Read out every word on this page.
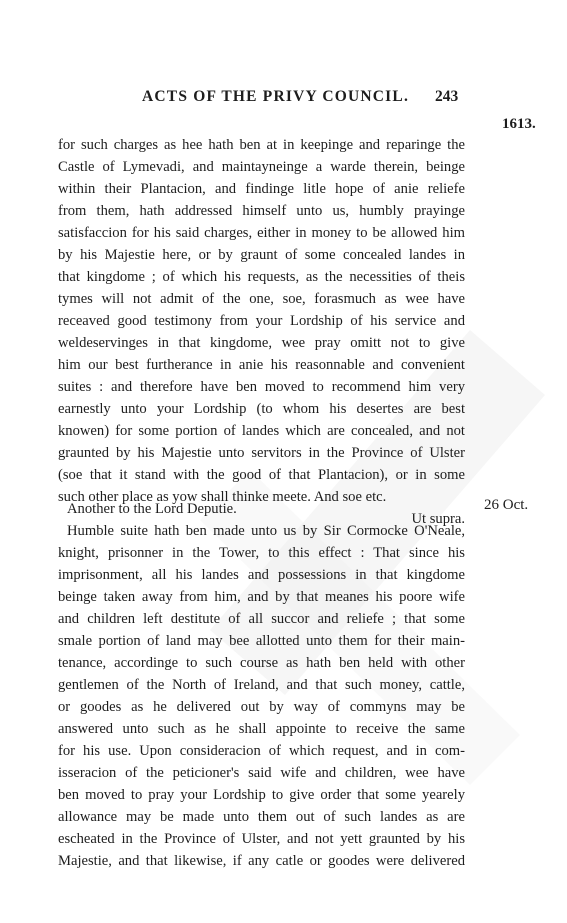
ACTS OF THE PRIVY COUNCIL. 243
1613.
for such charges as hee hath ben at in keepinge and reparinge the
Castle of Lymevadi, and maintayneinge a warde therein, beinge
within their Plantacion, and findinge litle hope of anie reliefe
from them, hath addressed himself unto us, humbly prayinge
satisfaccion for his said charges, either in money to be allowed him
by his Majestie here, or by graunt of some concealed landes in
that kingdome ; of which his requests, as the necessities of theis
tymes will not admit of the one, soe, forasmuch as wee have
receaved good testimony from your Lordship of his service and
weldeservinges in that kingdome, wee pray omitt not to give
him our best furtherance in anie his reasonnable and convenient
suites : and therefore have ben moved to recommend him very
earnestly unto your Lordship (to whom his desertes are best
knowen) for some portion of landes which are concealed, and not
graunted by his Majestie unto servitors in the Province of Ulster
(soe that it stand with the good of that Plantacion), or in some
such other place as yow shall thinke meete. And soe etc.
Ut supra.
26 Oct.
Another to the Lord Deputie.
Humble suite hath ben made unto us by Sir Cormocke O'Neale,
knight, prisonner in the Tower, to this effect : That since his
imprisonment, all his landes and possessions in that kingdome
beinge taken away from him, and by that meanes his poore wife
and children left destitute of all succor and reliefe ; that some
smale portion of land may bee allotted unto them for their main-
tenance, accordinge to such course as hath ben held with other
gentlemen of the North of Ireland, and that such money, cattle,
or goodes as he delivered out by way of commyns may be
answered unto such as he shall appointe to receive the same
for his use. Upon consideracion of which request, and in com-
isseracion of the peticioner's said wife and children, wee have
ben moved to pray your Lordship to give order that some yearely
allowance may be made unto them out of such landes as are
escheated in the Province of Ulster, and not yett graunted by his
Majestie, and that likewise, if any catle or goodes were delivered
